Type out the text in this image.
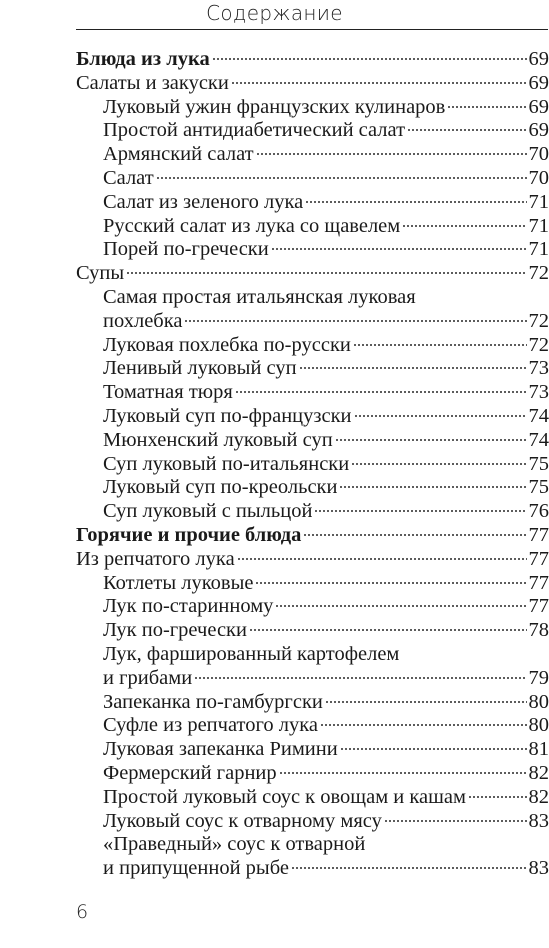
Содержание
Блюда из лука	69
Салаты и закуски	69
Луковый ужин французских кулинаров	69
Простой антидиабетический салат	69
Армянский салат	70
Салат	70
Салат из зеленого лука	71
Русский салат из лука со щавелем	71
Порей по-гречески	71
Супы	72
Самая простая итальянская луковая
похлебка	72
Луковая похлебка по-русски	72
Ленивый луковый суп	73
Томатная тюря	73
Луковый суп по-французски	74
Мюнхенский луковый суп	74
Суп луковый по-итальянски	75
Луковый суп по-креольски	75
Суп луковый с пыльцой	76
Горячие и прочие блюда	77
Из репчатого лука	77
Котлеты луковые	77
Лук по-старинному	77
Лук по-гречески	78
Лук, фаршированный картофелем
и грибами	79
Запеканка по-гамбургски	80
Суфле из репчатого лука	80
Луковая запеканка Римини	81
Фермерский гарнир	82
Простой луковый соус к овощам и кашам	82
Луковый соус к отварному мясу	83
«Праведный» соус к отварной
и припущенной рыбе	83
6
